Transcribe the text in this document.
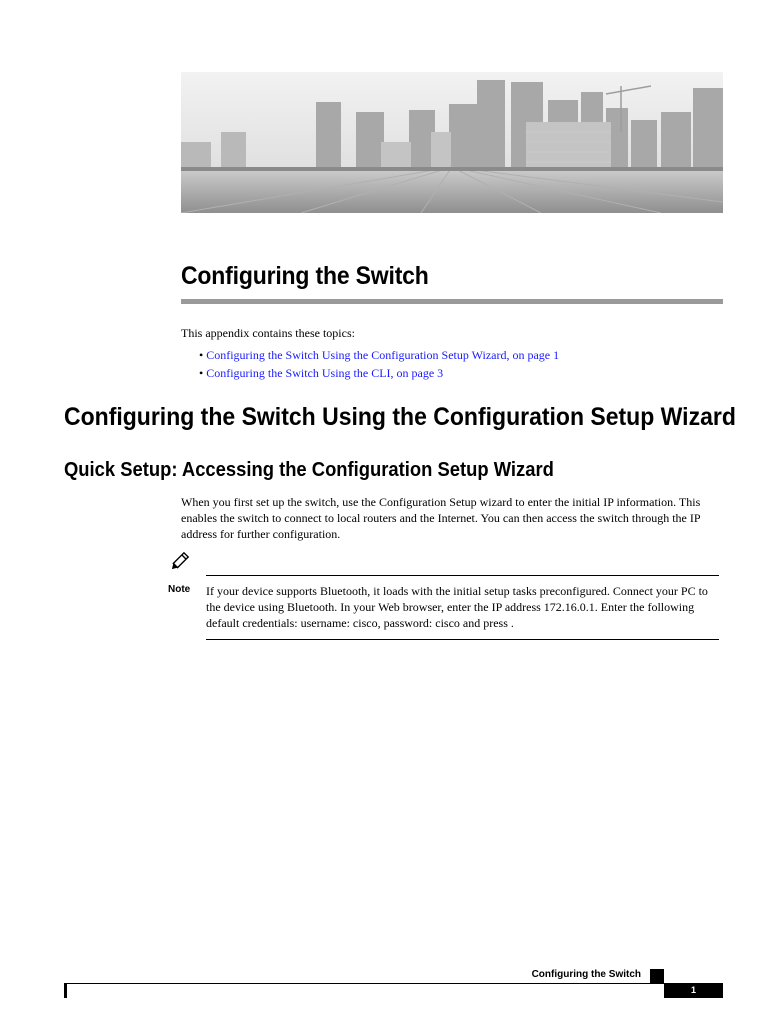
Configuring the Switch
This appendix contains these topics:
• Configuring the Switch Using the Configuration Setup Wizard, on page 1
• Configuring the Switch Using the CLI, on page 3
Configuring the Switch Using the Configuration Setup Wizard
Quick Setup: Accessing the Configuration Setup Wizard

When you first set up the switch, use the Configuration Setup wizard to enter the initial IP information. This enables the switch to connect to local routers and the Internet. You can then access the switch through the IP address for further configuration.

Note If your device supports Bluetooth, it loads with the initial setup tasks preconfigured. Connect your PC to the device using Bluetooth. In your Web browser, enter the IP address 172.16.0.1. Enter the following default credentials: username: cisco, password: cisco and press .

Configuring the Switch
1
